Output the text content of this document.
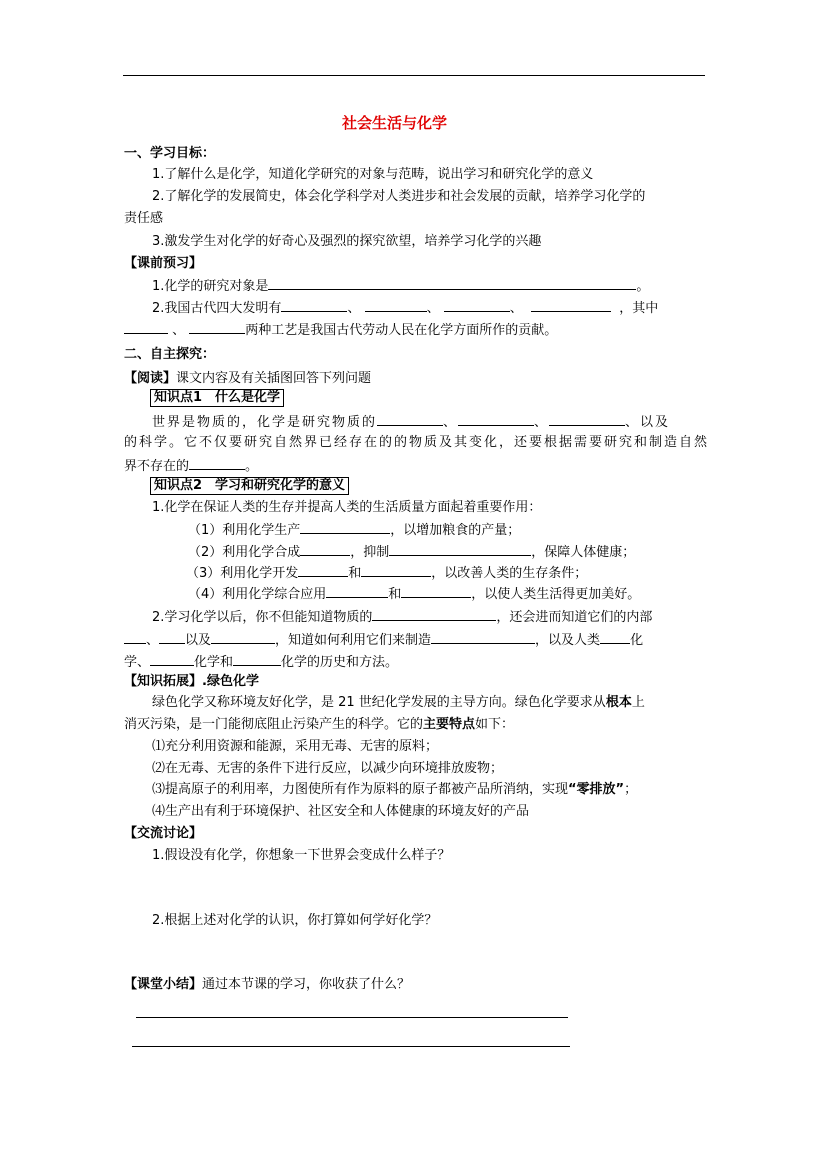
社会生活与化学
一、学习目标：
1.了解什么是化学，知道化学研究的对象与范畴，说出学习和研究化学的意义
2.了解化学的发展简史，体会化学科学对人类进步和社会发展的贡献，培养学习化学的
责任感
3.激发学生对化学的好奇心及强烈的探究欲望，培养学习化学的兴趣
【课前预习】
1.化学的研究对象是	。
2.我国古代四大发明有	、	、	、	，其中
、	两种工艺是我国古代劳动人民在化学方面所作的贡献。
二、自主探究：
【阅读】课文内容及有关插图回答下列问题
知识点1　什么是化学
世界是物质的，化学是研究物质的	、	、	、以及
的科学。它不仅要研究自然界已经存在的的物质及其变化，还要根据需要研究和制造自然
界不存在的	。
知识点2　学习和研究化学的意义
1.化学在保证人类的生存并提高人类的生活质量方面起着重要作用：
（1）利用化学生产	，以增加粮食的产量；
（2）利用化学合成	，抑制	，保障人体健康；
（3）利用化学开发	和	，以改善人类的生存条件；
（4）利用化学综合应用	和	，以使人类生活得更加美好。
2.学习化学以后，你不但能知道物质的	，还会进而知道它们的内部
、 以及	，知道如何利用它们来制造	，以及人类 化
学、	化学和	化学的历史和方法。
【知识拓展】.绿色化学
绿色化学又称环境友好化学，是 21 世纪化学发展的主导方向。绿色化学要求从根本上
消灭污染，是一门能彻底阻止污染产生的科学。它的主要特点如下：
⑴充分利用资源和能源，采用无毒、无害的原料；
⑵在无毒、无害的条件下进行反应，以减少向环境排放废物；
⑶提高原子的利用率，力图使所有作为原料的原子都被产品所消纳，实现“零排放”；
⑷生产出有利于环境保护、社区安全和人体健康的环境友好的产品
【交流讨论】
1.假设没有化学，你想象一下世界会变成什么样子？
2.根据上述对化学的认识，你打算如何学好化学？
【课堂小结】通过本节课的学习，你收获了什么？
